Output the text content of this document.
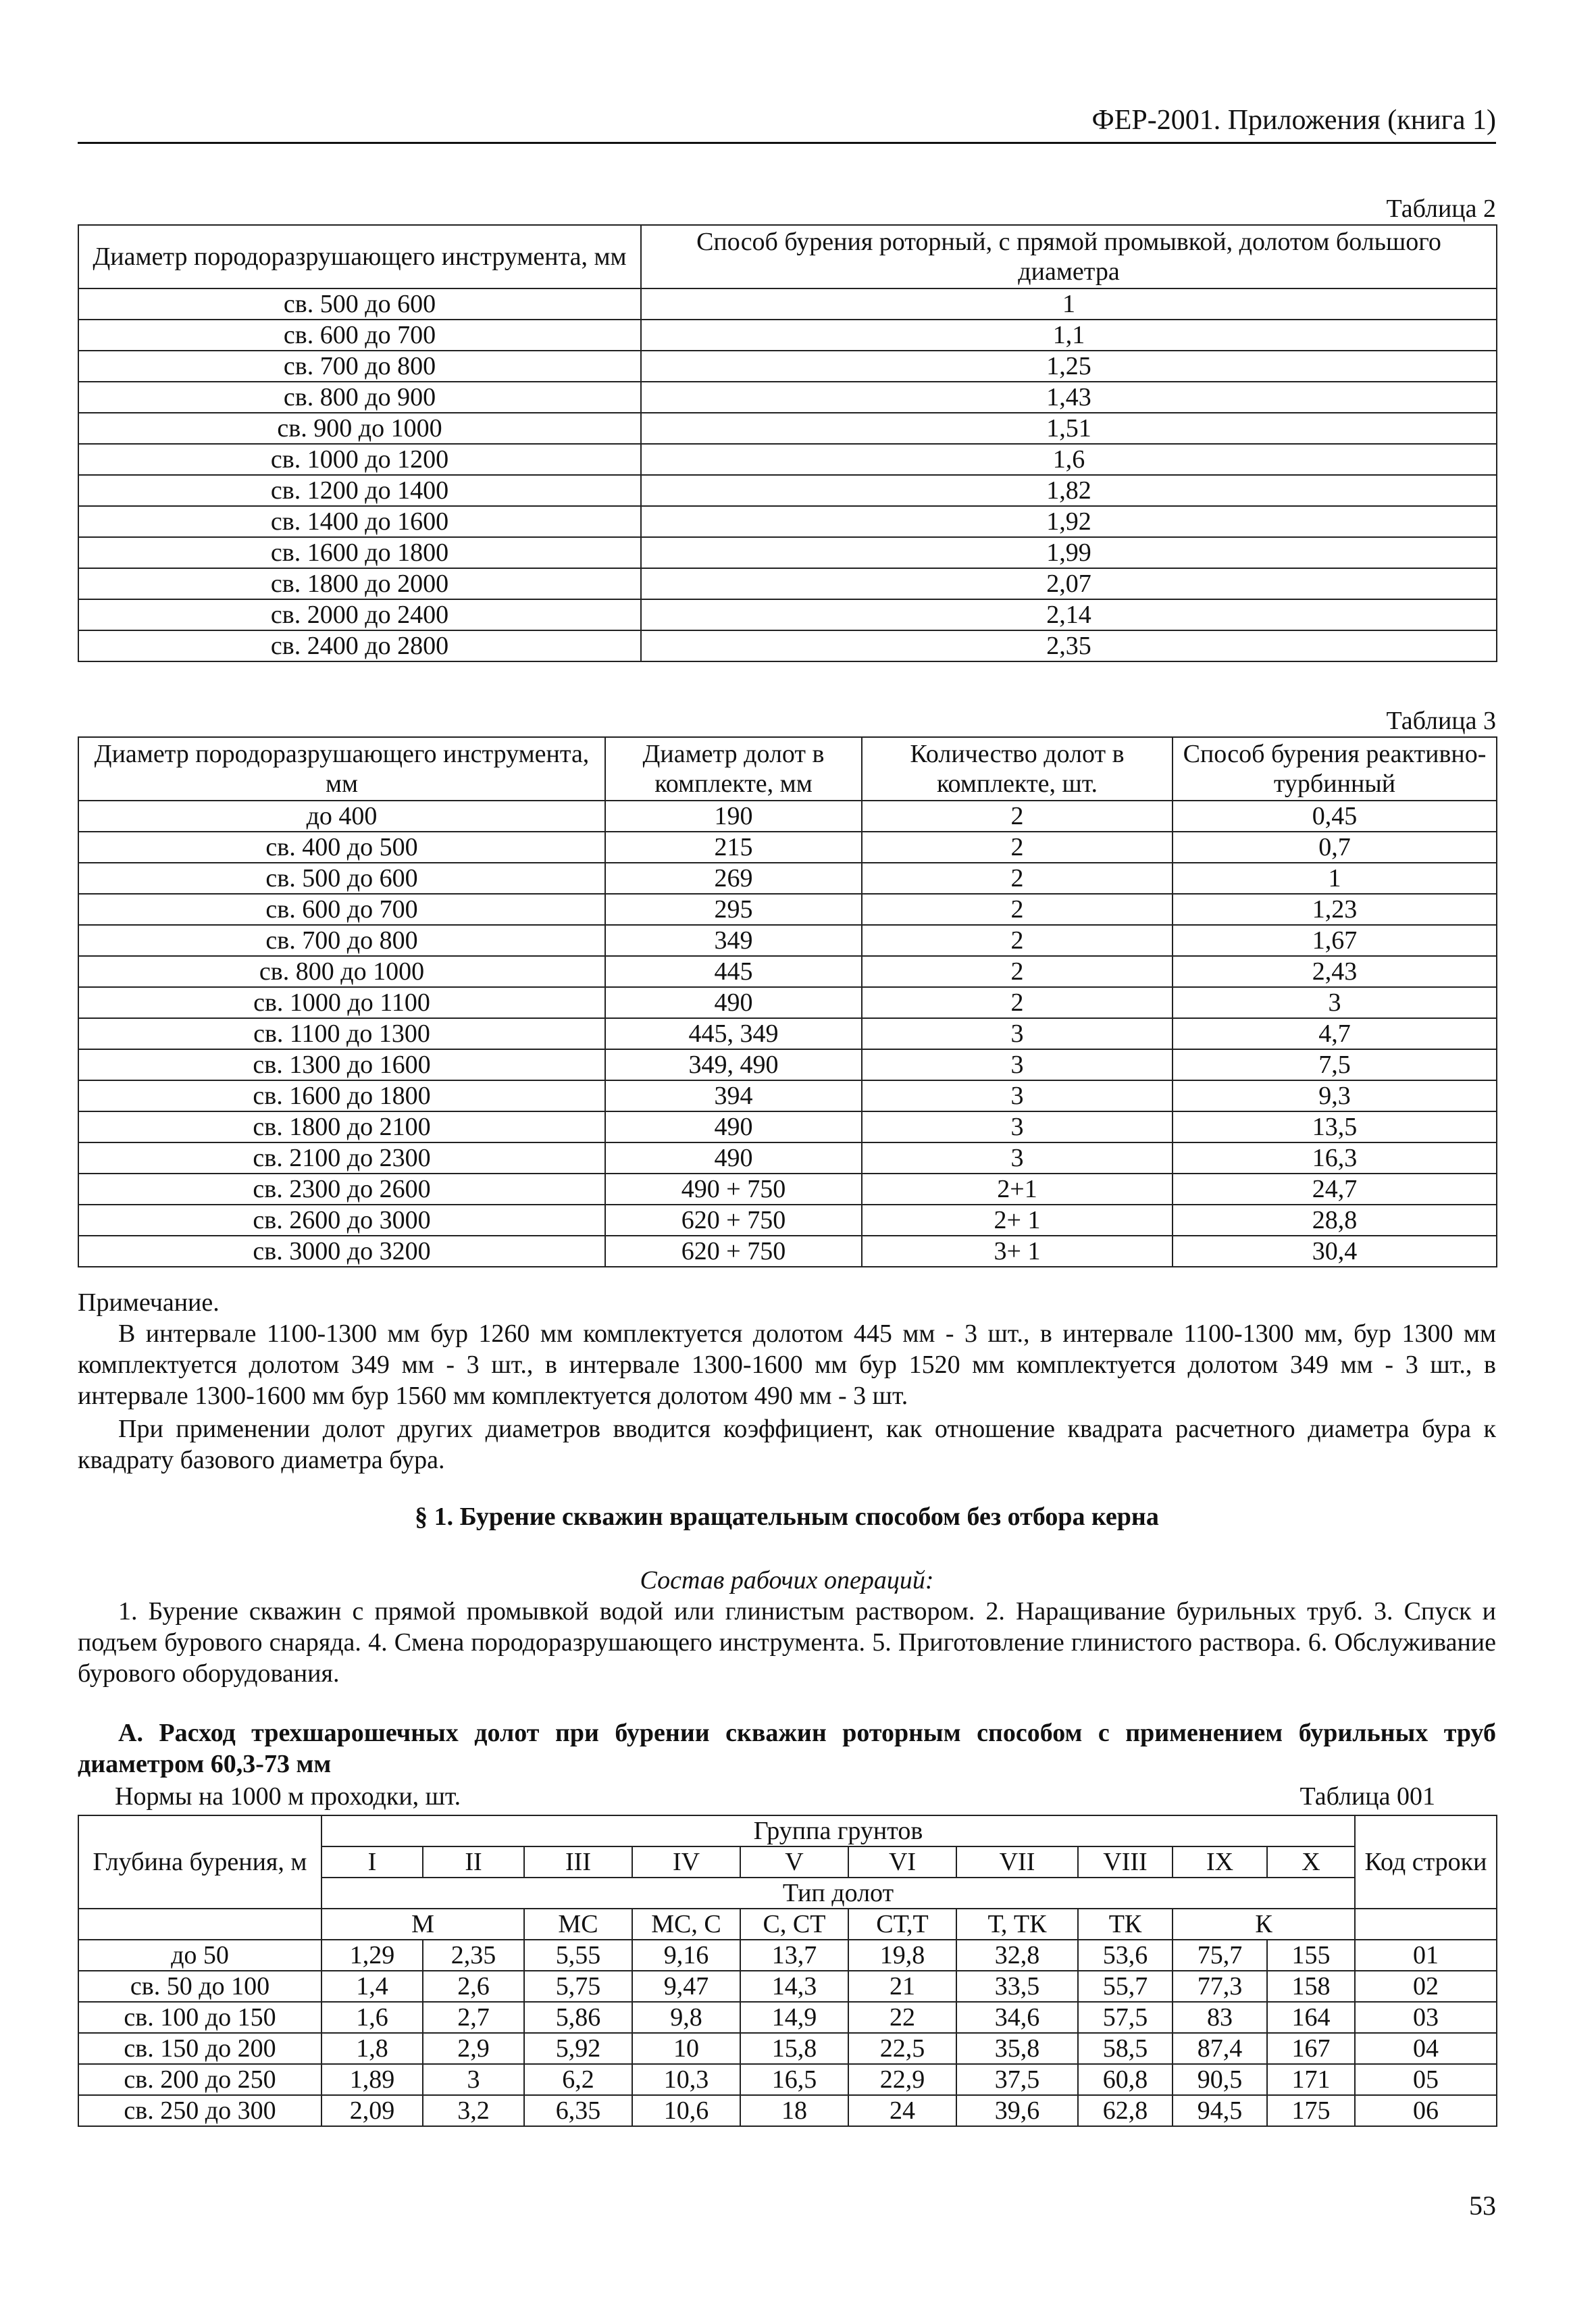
ФЕР-2001. Приложения (книга 1)
Таблица 2
Диаметр породоразрушающего инструмента, мм	Способ бурения роторный, с прямой промывкой, долотом большого диаметра
св. 500 до 600	1
св. 600 до 700	1,1
св. 700 до 800	1,25
св. 800 до 900	1,43
св. 900 до 1000	1,51
св. 1000 до 1200	1,6
св. 1200 до 1400	1,82
св. 1400 до 1600	1,92
св. 1600 до 1800	1,99
св. 1800 до 2000	2,07
св. 2000 до 2400	2,14
св. 2400 до 2800	2,35
Таблица 3
Диаметр породоразрушающего инструмента, мм	Диаметр долот в комплекте, мм	Количество долот в комплекте, шт.	Способ бурения реактивно-турбинный
до 400	190	2	0,45
св. 400 до 500	215	2	0,7
св. 500 до 600	269	2	1
св. 600 до 700	295	2	1,23
св. 700 до 800	349	2	1,67
св. 800 до 1000	445	2	2,43
св. 1000 до 1100	490	2	3
св. 1100 до 1300	445, 349	3	4,7
св. 1300 до 1600	349, 490	3	7,5
св. 1600 до 1800	394	3	9,3
св. 1800 до 2100	490	3	13,5
св. 2100 до 2300	490	3	16,3
св. 2300 до 2600	490 + 750	2+1	24,7
св. 2600 до 3000	620 + 750	2+ 1	28,8
св. 3000 до 3200	620 + 750	3+ 1	30,4
Примечание.
В интервале 1100-1300 мм бур 1260 мм комплектуется долотом 445 мм - 3 шт., в интервале 1100-1300 мм, бур 1300 мм комплектуется долотом 349 мм - 3 шт., в интервале 1300-1600 мм бур 1520 мм комплектуется долотом 349 мм - 3 шт., в интервале 1300-1600 мм бур 1560 мм комплектуется долотом 490 мм - 3 шт.
При применении долот других диаметров вводится коэффициент, как отношение квадрата расчетного диаметра бура к квадрату базового диаметра бура.
§ 1. Бурение скважин вращательным способом без отбора керна
Состав рабочих операций:
1. Бурение скважин с прямой промывкой водой или глинистым раствором. 2. Наращивание бурильных труб. 3. Спуск и подъем бурового снаряда. 4. Смена породоразрушающего инструмента. 5. Приготовление глинистого раствора. 6. Обслуживание бурового оборудования.
А. Расход трехшарошечных долот при бурении скважин роторным способом с применением бурильных труб диаметром 60,3-73 мм
Нормы на 1000 м проходки, шт.	Таблица 001
Глубина бурения, м	Группа грунтов										Код строки
	I	II	III	IV	V	VI	VII	VIII	IX	X	
	Тип долот										
	М		МС	МС, С	С, СТ	СТ,Т	Т, ТК	ТК	К		
до 50	1,29	2,35	5,55	9,16	13,7	19,8	32,8	53,6	75,7	155	01
св. 50 до 100	1,4	2,6	5,75	9,47	14,3	21	33,5	55,7	77,3	158	02
св. 100 до 150	1,6	2,7	5,86	9,8	14,9	22	34,6	57,5	83	164	03
св. 150 до 200	1,8	2,9	5,92	10	15,8	22,5	35,8	58,5	87,4	167	04
св. 200 до 250	1,89	3	6,2	10,3	16,5	22,9	37,5	60,8	90,5	171	05
св. 250 до 300	2,09	3,2	6,35	10,6	18	24	39,6	62,8	94,5	175	06
53
